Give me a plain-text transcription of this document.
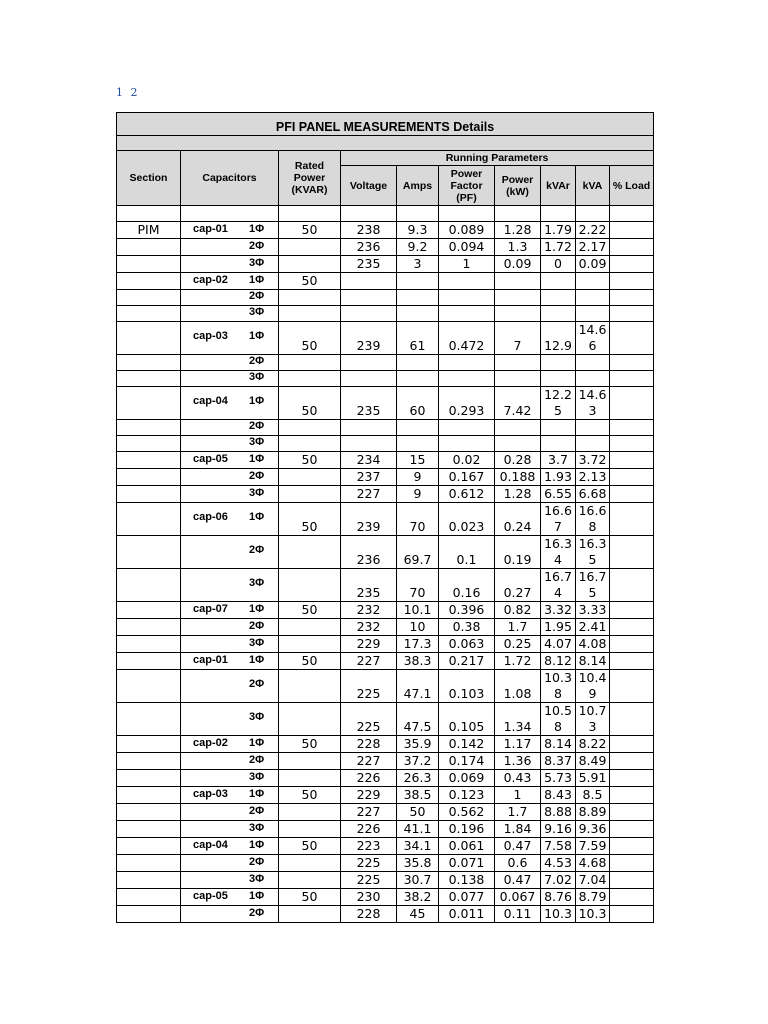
1 2
PFI PANEL MEASUREMENTS Details									

Section	Capacitors	Rated Power (KVAR)	Running Parameters						
			Voltage	Amps	Power Factor (PF)	Power (kW)	kVAr	kVA	% Load

PIM	cap-01 1Φ	50	238	9.3	0.089	1.28	1.79	2.22	

	2Φ		236	9.2	0.094	1.3	1.72	2.17	

	3Φ		235	3	1	0.09	0	0.09	

	cap-02 1Φ	50							

	2Φ								

	3Φ								

	cap-03 1Φ	50	239	61	0.472	7	12.9	14.66	

	2Φ								

	3Φ								

	cap-04 1Φ	50	235	60	0.293	7.42	12.25	14.63	

	2Φ								

	3Φ								

	cap-05 1Φ	50	234	15	0.02	0.28	3.7	3.72	

	2Φ		237	9	0.167	0.188	1.93	2.13	

	3Φ		227	9	0.612	1.28	6.55	6.68	

	cap-06 1Φ	50	239	70	0.023	0.24	16.67	16.68	

	2Φ		236	69.7	0.1	0.19	16.34	16.35	

	3Φ		235	70	0.16	0.27	16.74	16.75	

	cap-07 1Φ	50	232	10.1	0.396	0.82	3.32	3.33	

	2Φ		232	10	0.38	1.7	1.95	2.41	

	3Φ		229	17.3	0.063	0.25	4.07	4.08	

	cap-01 1Φ	50	227	38.3	0.217	1.72	8.12	8.14	

	2Φ		225	47.1	0.103	1.08	10.38	10.49	

	3Φ		225	47.5	0.105	1.34	10.58	10.73	

	cap-02 1Φ	50	228	35.9	0.142	1.17	8.14	8.22	

	2Φ		227	37.2	0.174	1.36	8.37	8.49	

	3Φ		226	26.3	0.069	0.43	5.73	5.91	

	cap-03 1Φ	50	229	38.5	0.123	1	8.43	8.5	

	2Φ		227	50	0.562	1.7	8.88	8.89	

	3Φ		226	41.1	0.196	1.84	9.16	9.36	

	cap-04 1Φ	50	223	34.1	0.061	0.47	7.58	7.59	

	2Φ		225	35.8	0.071	0.6	4.53	4.68	

	3Φ		225	30.7	0.138	0.47	7.02	7.04	

	cap-05 1Φ	50	230	38.2	0.077	0.067	8.76	8.79	

	2Φ		228	45	0.011	0.11	10.3	10.3	
